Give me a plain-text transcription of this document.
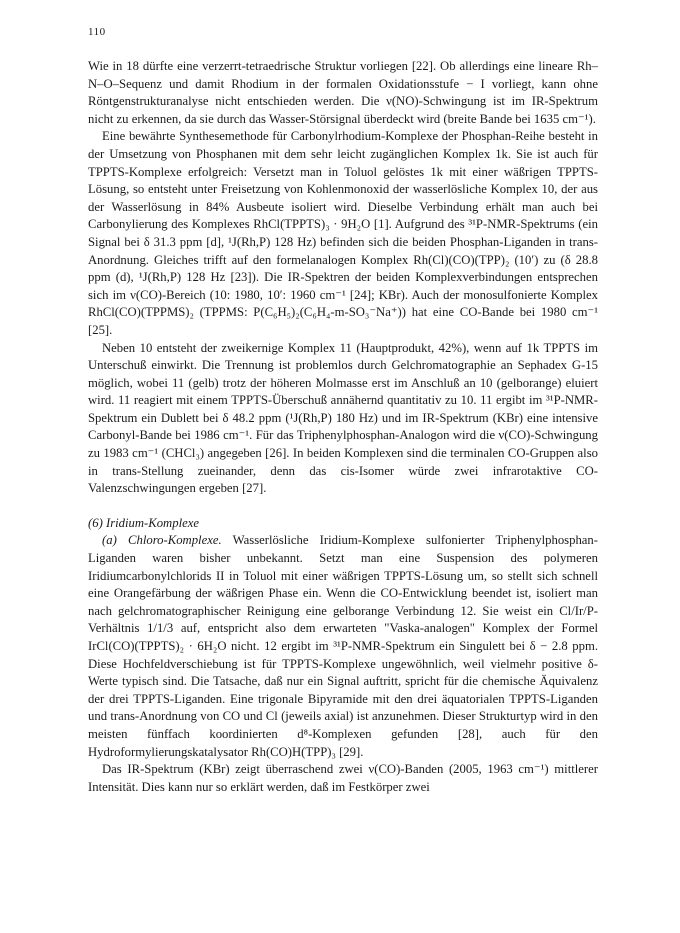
110

Wie in 18 dürfte eine verzerrt-tetraedrische Struktur vorliegen [22]. Ob allerdings eine lineare Rh–N–O–Sequenz und damit Rhodium in der formalen Oxidationsstufe − I vorliegt, kann ohne Röntgenstrukturanalyse nicht entschieden werden. Die ν(NO)-Schwingung ist im IR-Spektrum nicht zu erkennen, da sie durch das Wasser-Störsignal überdeckt wird (breite Bande bei 1635 cm⁻¹).

Eine bewährte Synthesemethode für Carbonylrhodium-Komplexe der Phosphan-Reihe besteht in der Umsetzung von Phosphanen mit dem sehr leicht zugänglichen Komplex 1k. Sie ist auch für TPPTS-Komplexe erfolgreich: Versetzt man in Toluol gelöstes 1k mit einer wäßrigen TPPTS-Lösung, so entsteht unter Freisetzung von Kohlenmonoxid der wasserlösliche Komplex 10, der aus der Wasserlösung in 84% Ausbeute isoliert wird. Dieselbe Verbindung erhält man auch bei Carbonylierung des Komplexes RhCl(TPPTS)₃ · 9H₂O [1]. Aufgrund des ³¹P-NMR-Spektrums (ein Signal bei δ 31.3 ppm [d], ¹J(Rh,P) 128 Hz) befinden sich die beiden Phosphan-Liganden in trans-Anordnung. Gleiches trifft auf den formelanalogen Komplex Rh(Cl)(CO)(TPP)₂ (10′) zu (δ 28.8 ppm (d), ¹J(Rh,P) 128 Hz [23]). Die IR-Spektren der beiden Komplexverbindungen entsprechen sich im ν(CO)-Bereich (10: 1980, 10′: 1960 cm⁻¹ [24]; KBr). Auch der monosulfonierte Komplex RhCl(CO)(TPPMS)₂ (TPPMS: P(C₆H₅)₂(C₆H₄-m-SO₃⁻Na⁺)) hat eine CO-Bande bei 1980 cm⁻¹ [25].

Neben 10 entsteht der zweikernige Komplex 11 (Hauptprodukt, 42%), wenn auf 1k TPPTS im Unterschuß einwirkt. Die Trennung ist problemlos durch Gelchromatographie an Sephadex G-15 möglich, wobei 11 (gelb) trotz der höheren Molmasse erst im Anschluß an 10 (gelborange) eluiert wird. 11 reagiert mit einem TPPTS-Überschuß annähernd quantitativ zu 10. 11 ergibt im ³¹P-NMR-Spektrum ein Dublett bei δ 48.2 ppm (¹J(Rh,P) 180 Hz) und im IR-Spektrum (KBr) eine intensive Carbonyl-Bande bei 1986 cm⁻¹. Für das Triphenylphosphan-Analogon wird die ν(CO)-Schwingung zu 1983 cm⁻¹ (CHCl₃) angegeben [26]. In beiden Komplexen sind die terminalen CO-Gruppen also in trans-Stellung zueinander, denn das cis-Isomer würde zwei infrarotaktive CO-Valenzschwingungen ergeben [27].

(6) Iridium-Komplexe

(a) Chloro-Komplexe. Wasserlösliche Iridium-Komplexe sulfonierter Triphenylphosphan-Liganden waren bisher unbekannt. Setzt man eine Suspension des polymeren Iridiumcarbonylchlorids II in Toluol mit einer wäßrigen TPPTS-Lösung um, so stellt sich schnell eine Orangefärbung der wäßrigen Phase ein. Wenn die CO-Entwicklung beendet ist, isoliert man nach gelchromatographischer Reinigung eine gelborange Verbindung 12. Sie weist ein Cl/Ir/P-Verhältnis 1/1/3 auf, entspricht also dem erwarteten "Vaska-analogen" Komplex der Formel IrCl(CO)(TPPTS)₂ · 6H₂O nicht. 12 ergibt im ³¹P-NMR-Spektrum ein Singulett bei δ − 2.8 ppm. Diese Hochfeldverschiebung ist für TPPTS-Komplexe ungewöhnlich, weil vielmehr positive δ-Werte typisch sind. Die Tatsache, daß nur ein Signal auftritt, spricht für die chemische Äquivalenz der drei TPPTS-Liganden. Eine trigonale Bipyramide mit den drei äquatorialen TPPTS-Liganden und trans-Anordnung von CO und Cl (jeweils axial) ist anzunehmen. Dieser Strukturtyp wird in den meisten fünffach koordinierten d⁸-Komplexen gefunden [28], auch für den Hydroformylierungskatalysator Rh(CO)H(TPP)₃ [29].

Das IR-Spektrum (KBr) zeigt überraschend zwei ν(CO)-Banden (2005, 1963 cm⁻¹) mittlerer Intensität. Dies kann nur so erklärt werden, daß im Festkörper zwei
